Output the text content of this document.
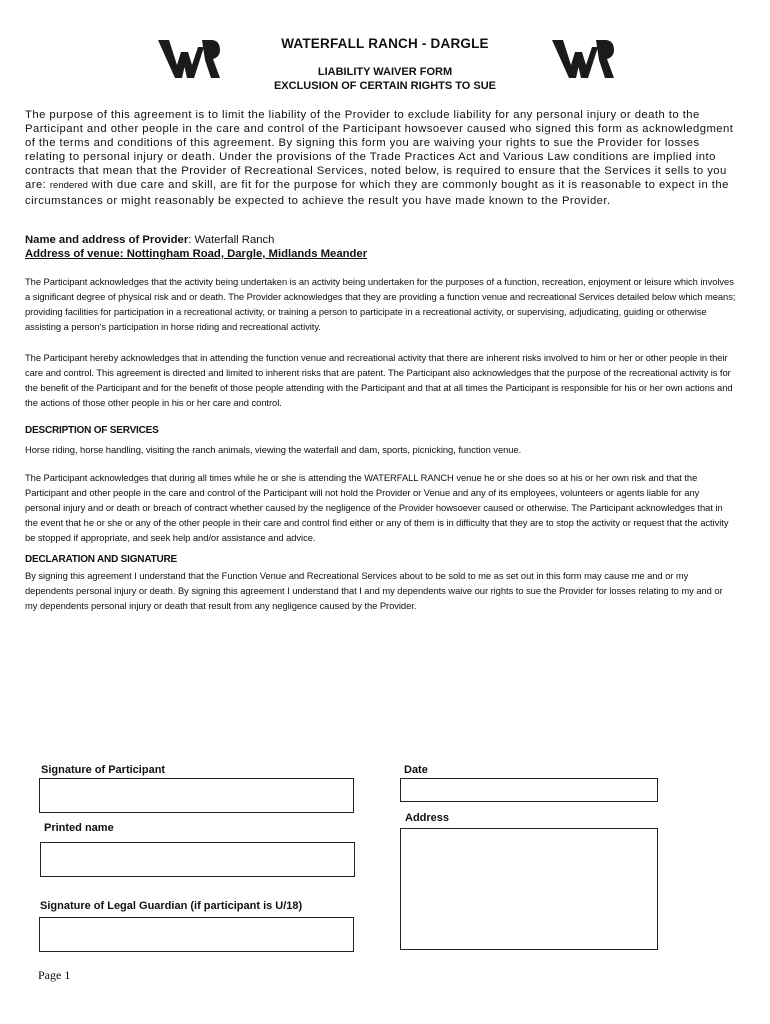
WATERFALL RANCH - DARGLE
LIABILITY WAIVER FORM
EXCLUSION OF CERTAIN RIGHTS TO SUE

The purpose of this agreement is to limit the liability of the Provider to exclude liability for any personal injury or death to the Participant and other people in the care and control of the Participant howsoever caused who signed this form as acknowledgment of the terms and conditions of this agreement. By signing this form you are waiving your rights to sue the Provider for losses relating to personal injury or death. Under the provisions of the Trade Practices Act and Various Law conditions are implied into contracts that mean that the Provider of Recreational Services, noted below, is required to ensure that the Services it sells to you are: rendered with due care and skill, are fit for the purpose for which they are commonly bought as it is reasonable to expect in the circumstances or might reasonably be expected to achieve the result you have made known to the Provider.

Name and address of Provider: Waterfall Ranch

Address of venue: Nottingham Road, Dargle, Midlands Meander

The Participant acknowledges that the activity being undertaken is an activity being undertaken for the purposes of a function, recreation, enjoyment or leisure which involves a significant degree of physical risk and or death. The Provider acknowledges that they are providing a function venue and recreational Services detailed below which means; providing facilities for participation in a recreational activity, or training a person to participate in a recreational activity, or supervising, adjudicating, guiding or otherwise assisting a person's participation in horse riding and recreational activity.

The Participant hereby acknowledges that in attending the function venue and recreational activity that there are inherent risks involved to him or her or other people in their care and control. This agreement is directed and limited to inherent risks that are patent. The Participant also acknowledges that the purpose of the recreational activity is for the benefit of the Participant and for the benefit of those people attending with the Participant and that at all times the Participant is responsible for his or her own actions and the actions of those other people in his or her care and control.

DESCRIPTION OF SERVICES

Horse riding, horse handling, visiting the ranch animals, viewing the waterfall and dam, sports, picnicking, function venue.

The Participant acknowledges that during all times while he or she is attending the WATERFALL RANCH venue he or she does so at his or her own risk and that the Participant and other people in the care and control of the Participant will not hold the Provider or Venue and any of its employees, volunteers or agents liable for any personal injury and or death or breach of contract whether caused by the negligence of the Provider howsoever caused or otherwise. The Participant acknowledges that in the event that he or she or any of the other people in their care and control find either or any of them is in difficulty that they are to stop the activity or request that the activity be stopped if appropriate, and seek help and/or assistance and advice.

DECLARATION AND SIGNATURE

By signing this agreement I understand that the Function Venue and Recreational Services about to be sold to me as set out in this form may cause me and or my dependents personal injury or death. By signing this agreement I understand that I and my dependents waive our rights to sue the Provider for losses relating to my and or my dependents personal injury or death that result from any negligence caused by the Provider.

Signature of Participant

Printed name

Signature of Legal Guardian (if participant is U/18)

Date

Address

Page 1
